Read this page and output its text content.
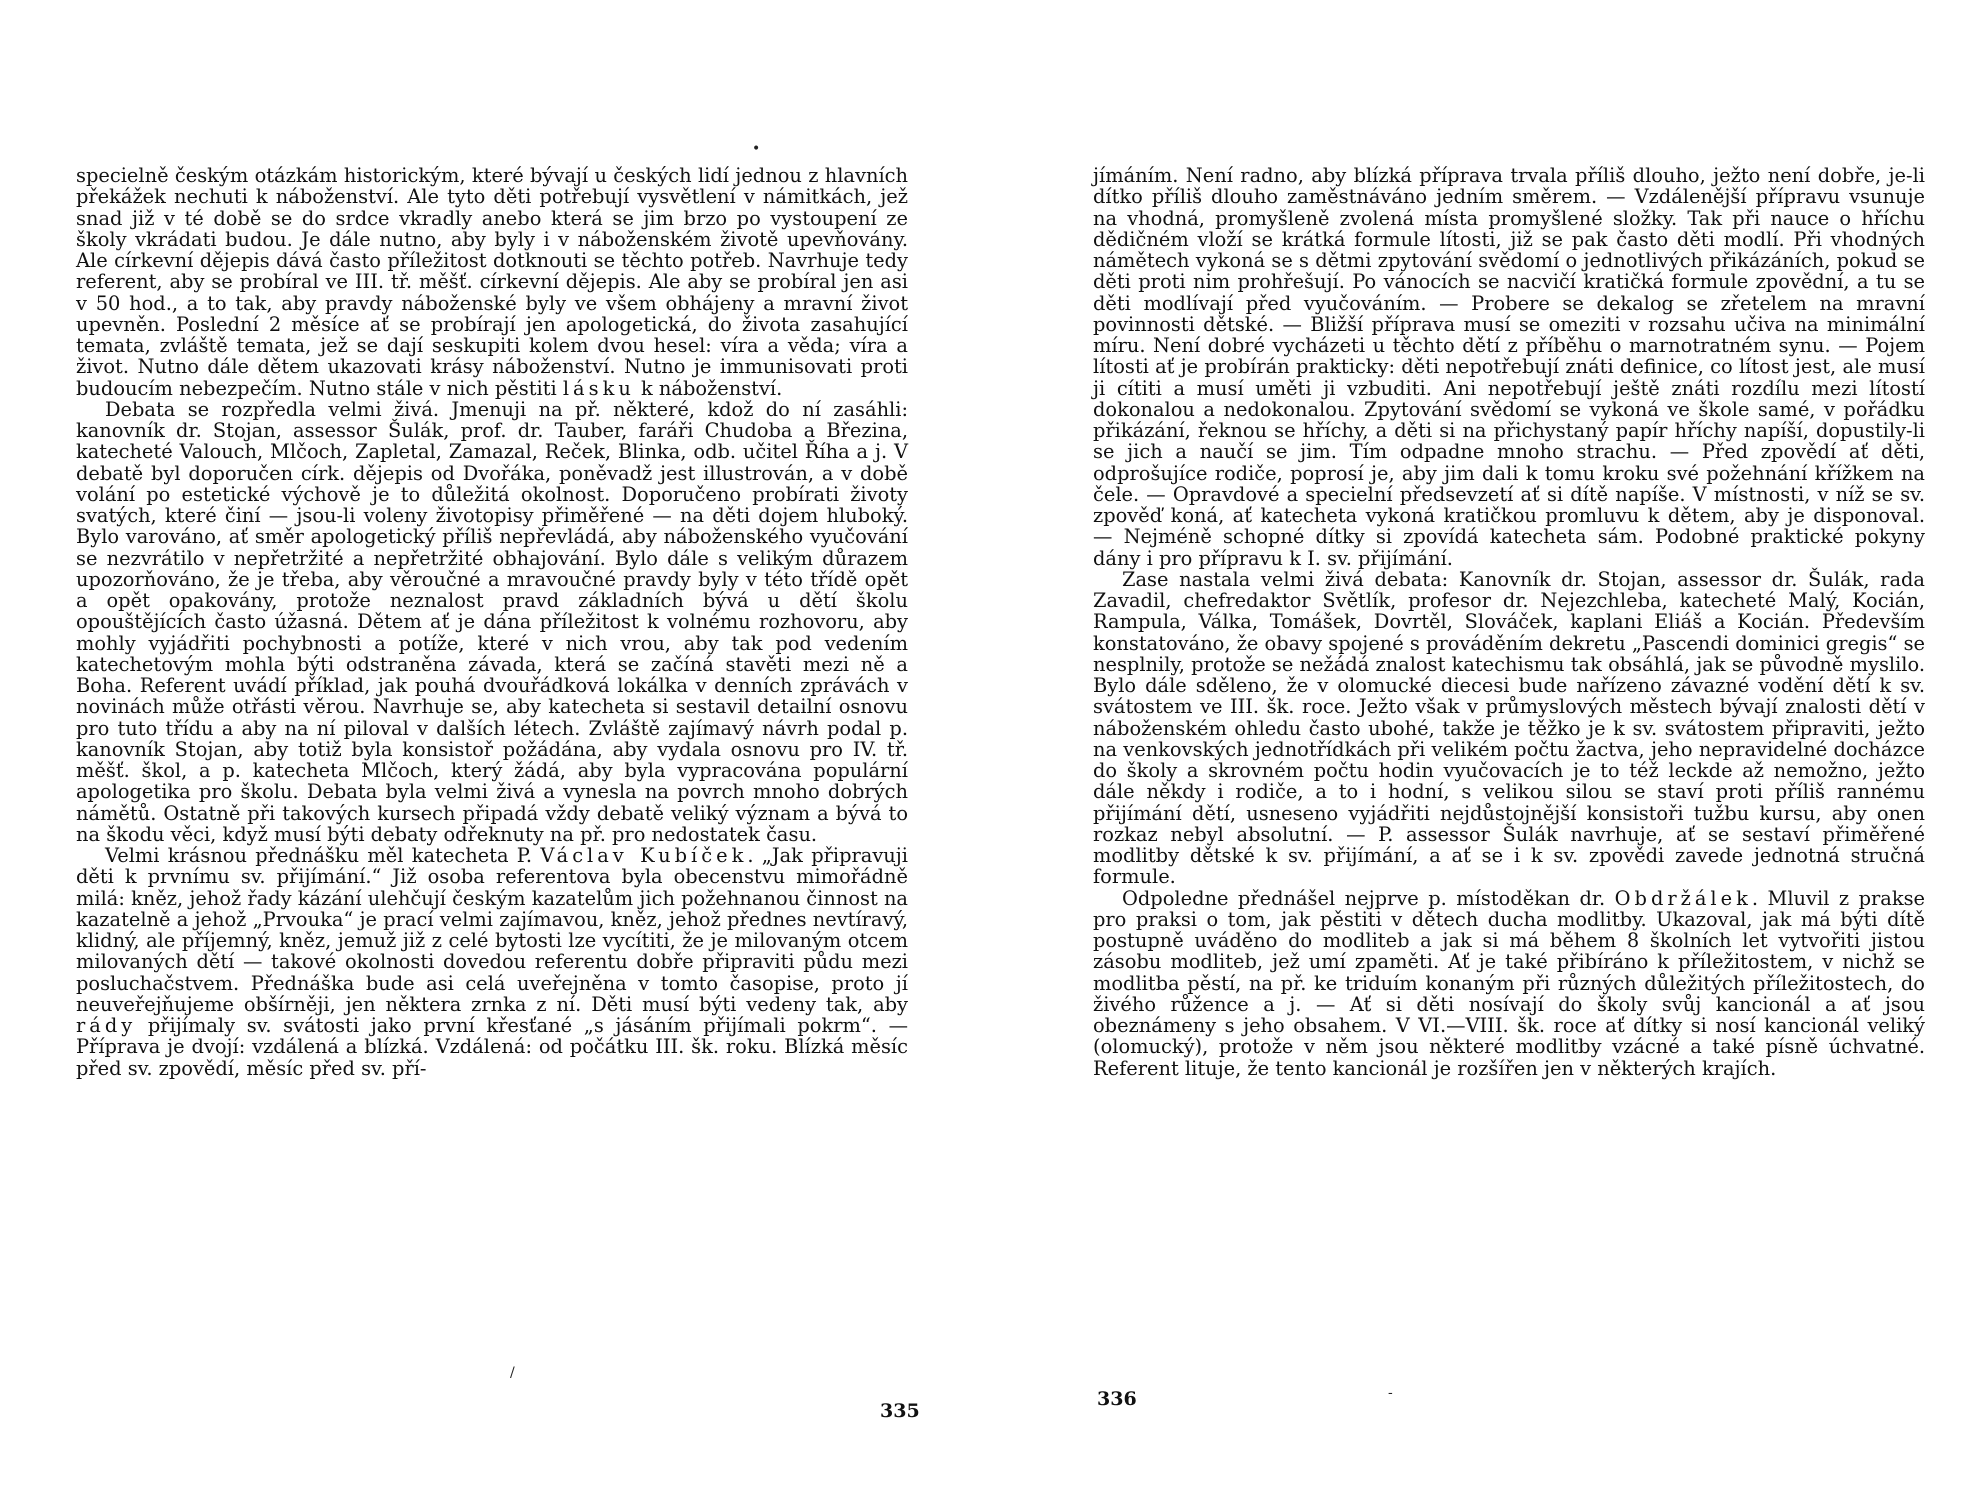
•

specielně českým otázkám historickým, které bývají u českých lidí jednou z hlavních překážek nechuti k náboženství. Ale tyto děti potřebují vysvětlení v námitkách, jež snad již v té době se do srdce vkradly anebo která se jim brzo po vystoupení ze školy vkrádati budou. Je dále nutno, aby byly i v náboženském životě upevňovány. Ale církevní dějepis dává často příležitost dotknouti se těchto potřeb. Navrhuje tedy referent, aby se probíral ve III. tř. měšť. církevní dějepis. Ale aby se probíral jen asi v 50 hod., a to tak, aby pravdy náboženské byly ve všem obhájeny a mravní život upevněn. Poslední 2 měsíce ať se probírají jen apologetická, do života zasahující temata, zvláště temata, jež se dají seskupiti kolem dvou hesel: víra a věda; víra a život. Nutno dále dětem ukazovati krásy náboženství. Nutno je immunisovati proti budoucím nebezpečím. Nutno stále v nich pěstiti lásku k náboženství.

Debata se rozpředla velmi živá. Jmenuji na př. některé, kdož do ní zasáhli: kanovník dr. Stojan, assessor Šulák, prof. dr. Tauber, faráři Chudoba a Březina, katecheté Valouch, Mlčoch, Zapletal, Zamazal, Reček, Blinka, odb. učitel Říha a j. V debatě byl doporučen círk. dějepis od Dvořáka, poněvadž jest illustrován, a v době volání po estetické výchově je to důležitá okolnost. Doporučeno probírati životy svatých, které činí — jsou-li voleny životopisy přiměřené — na děti dojem hluboký. Bylo varováno, ať směr apologetický příliš nepřevládá, aby náboženského vyučování se nezvrátilo v nepřetržité a nepřetržité obhajování. Bylo dále s velikým důrazem upozorňováno, že je třeba, aby věroučné a mravoučné pravdy byly v této třídě opět a opět opakovány, protože neznalost pravd základních bývá u dětí školu opouštějících často úžasná. Dětem ať je dána příležitost k volnému rozhovoru, aby mohly vyjádřiti pochybnosti a potíže, které v nich vrou, aby tak pod vedením katechetovým mohla býti odstraněna závada, která se začíná stavěti mezi ně a Boha. Referent uvádí příklad, jak pouhá dvouřádková lokálka v denních zprávách v novinách může otřásti věrou. Navrhuje se, aby katecheta si sestavil detailní osnovu pro tuto třídu a aby na ní piloval v dalších létech. Zvláště zajímavý návrh podal p. kanovník Stojan, aby totiž byla konsistoř požádána, aby vydala osnovu pro IV. tř. měšť. škol, a p. katecheta Mlčoch, který žádá, aby byla vypracována populární apologetika pro školu. Debata byla velmi živá a vynesla na povrch mnoho dobrých námětů. Ostatně při takových kursech připadá vždy debatě veliký význam a bývá to na škodu věci, když musí býti debaty odřeknuty na př. pro nedostatek času.

Velmi krásnou přednášku měl katecheta P. Václav Kubíček. „Jak připravuji děti k prvnímu sv. přijímání.“ Již osoba referentova byla obecenstvu mimořádně milá: kněz, jehož řady kázání ulehčují českým kazatelům jich požehnanou činnost na kazatelně a jehož „Prvouka“ je prací velmi zajímavou, kněz, jehož přednes nevtíravý, klidný, ale příjemný, kněz, jemuž již z celé bytosti lze vycítiti, že je milovaným otcem milovaných dětí — takové okolnosti dovedou referentu dobře připraviti půdu mezi posluchačstvem. Přednáška bude asi celá uveřejněna v tomto časopise, proto jí neuveřejňujeme obšírněji, jen některa zrnka z ní. Děti musí býti vedeny tak, aby rády přijímaly sv. svátosti jako první křesťané „s jásáním přijímali pokrm“. — Příprava je dvojí: vzdálená a blízká. Vzdálená: od počátku III. šk. roku. Blízká měsíc před sv. zpovědí, měsíc před sv. pří-

/
335

jímáním. Není radno, aby blízká příprava trvala příliš dlouho, ježto není dobře, je-li dítko příliš dlouho zaměstnáváno jedním směrem. — Vzdálenější přípravu vsunuje na vhodná, promyšleně zvolená místa promyšlené složky. Tak při nauce o hříchu dědičném vloží se krátká formule lítosti, již se pak často děti modlí. Při vhodných námětech vykoná se s dětmi zpytování svědomí o jednotlivých přikázáních, pokud se děti proti nim prohřešují. Po vánocích se nacvičí kratičká formule zpovědní, a tu se děti modlívají před vyučováním. — Probere se dekalog se zřetelem na mravní povinnosti dětské. — Bližší příprava musí se omeziti v rozsahu učiva na minimální míru. Není dobré vycházeti u těchto dětí z příběhu o marnotratném synu. — Pojem lítosti ať je probírán prakticky: děti nepotřebují znáti definice, co lítost jest, ale musí ji cítiti a musí uměti ji vzbuditi. Ani nepotřebují ještě znáti rozdílu mezi lítostí dokonalou a nedokonalou. Zpytování svědomí se vykoná ve škole samé, v pořádku přikázání, řeknou se hříchy, a děti si na přichystaný papír hříchy napíší, dopustily-li se jich a naučí se jim. Tím odpadne mnoho strachu. — Před zpovědí ať děti, odprošujíce rodiče, poprosí je, aby jim dali k tomu kroku své požehnání křížkem na čele. — Opravdové a specielní předsevzetí ať si dítě napíše. V místnosti, v níž se sv. zpověď koná, ať katecheta vykoná kratičkou promluvu k dětem, aby je disponoval. — Nejméně schopné dítky si zpovídá katecheta sám. Podobné praktické pokyny dány i pro přípravu k I. sv. přijímání.

Zase nastala velmi živá debata: Kanovník dr. Stojan, assessor dr. Šulák, rada Zavadil, chefredaktor Světlík, profesor dr. Nejezchleba, katecheté Malý, Kocián, Rampula, Válka, Tomášek, Dovrtěl, Slováček, kaplani Eliáš a Kocián. Především konstatováno, že obavy spojené s prováděním dekretu „Pascendi dominici gregis“ se nesplnily, protože se nežádá znalost katechismu tak obsáhlá, jak se původně myslilo. Bylo dále sděleno, že v olomucké diecesi bude nařízeno závazné vodění dětí k sv. svátostem ve III. šk. roce. Ježto však v průmyslových městech bývají znalosti dětí v náboženském ohledu často ubohé, takže je těžko je k sv. svátostem připraviti, ježto na venkovských jednotřídkách při velikém počtu žactva, jeho nepravidelné docházce do školy a skrovném počtu hodin vyučovacích je to též leckde až nemožno, ježto dále někdy i rodiče, a to i hodní, s velikou silou se staví proti příliš rannému přijímání dětí, usneseno vyjádřiti nejdůstojnější konsistoři tužbu kursu, aby onen rozkaz nebyl absolutní. — P. assessor Šulák navrhuje, ať se sestaví přiměřené modlitby dětské k sv. přijímání, a ať se i k sv. zpovědi zavede jednotná stručná formule.

Odpoledne přednášel nejprve p. místoděkan dr. Obdržálek. Mluvil z prakse pro praksi o tom, jak pěstiti v dětech ducha modlitby. Ukazoval, jak má býti dítě postupně uváděno do modliteb a jak si má během 8 školních let vytvořiti jistou zásobu modliteb, jež umí zpaměti. Ať je také přibíráno k příležitostem, v nichž se modlitba pěstí, na př. ke triduím konaným při různých důležitých příležitostech, do živého růžence a j. — Ať si děti nosívají do školy svůj kancionál a ať jsou obeznámeny s jeho obsahem. V VI.—VIII. šk. roce ať dítky si nosí kancionál veliký (olomucký), protože v něm jsou některé modlitby vzácné a také písně úchvatné. Referent lituje, že tento kancionál je rozšířen jen v některých krajích.

336	-
